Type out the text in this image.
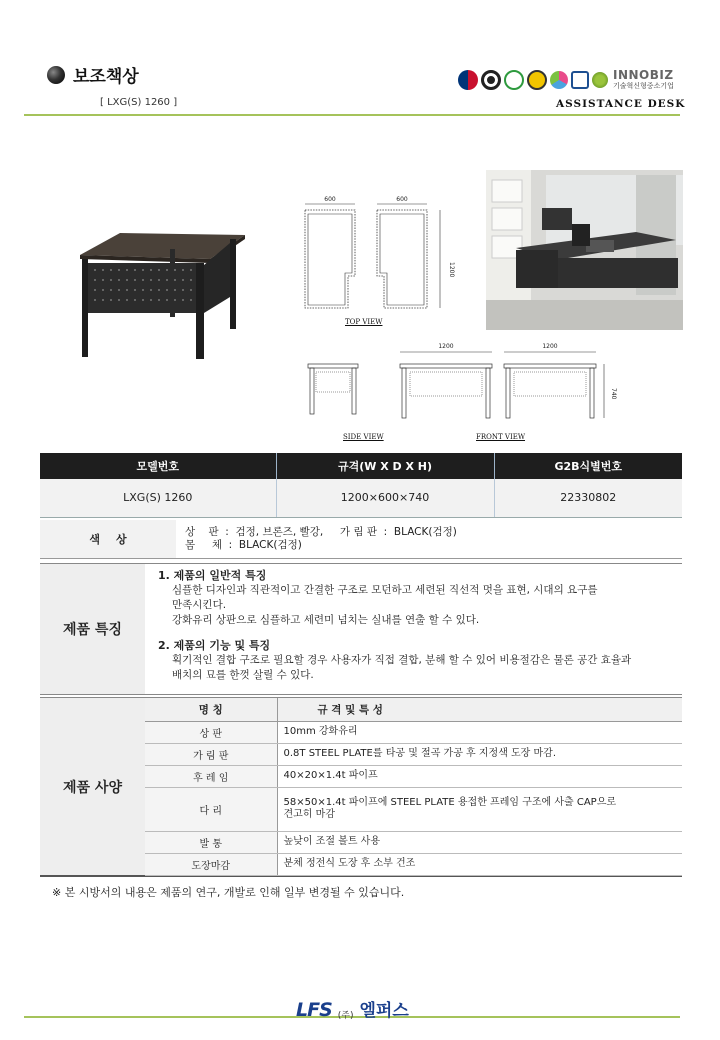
보조책상
[ LXG(S) 1260 ]
INNOBIZ
기술혁신형중소기업
ASSISTANCE DESK
600	600
1200
TOP VIEW
1200	1200
740
SIDE VIEW	FRONT VIEW
모델번호	규격(W X D X H)	G2B식별번호
LXG(S) 1260	1200×600×740	22330802
색상
상    판  :  검정, 브론즈, 빨강,     가 림 판  :  BLACK(검정)
몸     체  :  BLACK(검정)
제품 특징
1. 제품의 일반적 특징
심플한 디자인과 직관적이고 간결한 구조로 모던하고 세련된 직선적 멋을 표현, 시대의 요구를
만족시킨다.
강화유리 상판으로 심플하고 세련미 넘치는 실내를 연출 할 수 있다.
2. 제품의 기능 및 특징
획기적인 결합 구조로 필요할 경우 사용자가 직접 결합, 분해 할 수 있어 비용절감은 물론 공간 효율과
배치의 묘를 한껏 살릴 수 있다.
제품 사양
명 칭	규 격 및 특 성
상 판	10mm 강화유리
가 림 판	0.8T STEEL PLATE를 타공 및 절곡 가공 후 지정색 도장 마감.
후 레 임	40×20×1.4t 파이프
다 리	58×50×1.4t 파이프에 STEEL PLATE 용접한 프레임 구조에 사출 CAP으로
견고히 마감

발 통	높낮이 조절 볼트 사용
도장마감	분체 정전식 도장 후 소부 건조
※ 본 시방서의 내용은 제품의 연구, 개발로 인해 일부 변경될 수 있습니다.
LFS (주) 엘퍼스
